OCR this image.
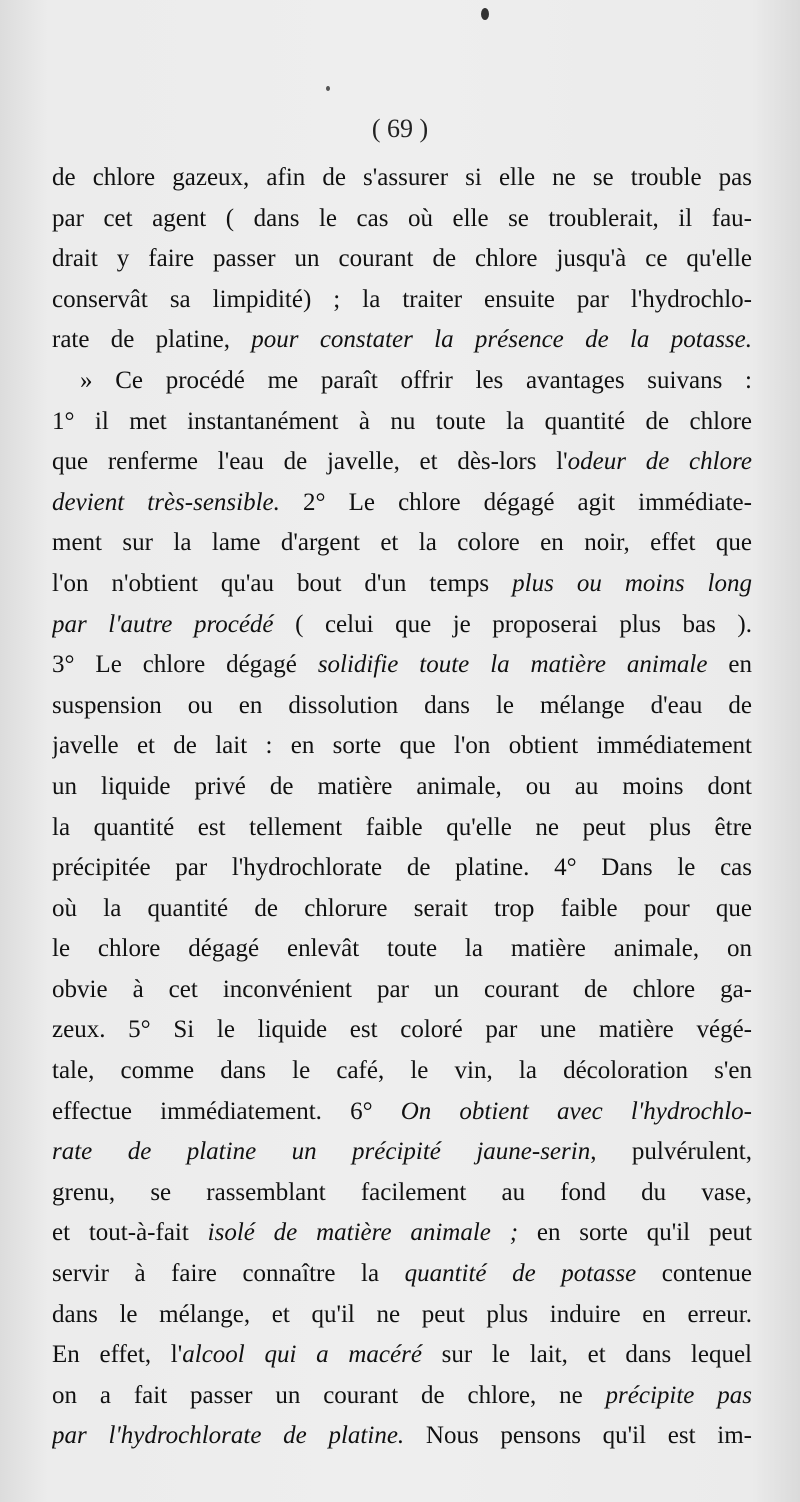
( 69 )
de chlore gazeux, afin de s'assurer si elle ne se trouble pas
par cet agent ( dans le cas où elle se troublerait, il fau-
drait y faire passer un courant de chlore jusqu'à ce qu'elle
conservât sa limpidité) ; la traiter ensuite par l'hydrochlo-
rate de platine, pour constater la présence de la potasse.
» Ce procédé me paraît offrir les avantages suivans :
1° il met instantanément à nu toute la quantité de chlore
que renferme l'eau de javelle, et dès-lors l'odeur de chlore
devient très-sensible. 2° Le chlore dégagé agit immédiate-
ment sur la lame d'argent et la colore en noir, effet que
l'on n'obtient qu'au bout d'un temps plus ou moins long
par l'autre procédé ( celui que je proposerai plus bas ).
3° Le chlore dégagé solidifie toute la matière animale en
suspension ou en dissolution dans le mélange d'eau de
javelle et de lait : en sorte que l'on obtient immédiatement
un liquide privé de matière animale, ou au moins dont
la quantité est tellement faible qu'elle ne peut plus être
précipitée par l'hydrochlorate de platine. 4° Dans le cas
où la quantité de chlorure serait trop faible pour que
le chlore dégagé enlevât toute la matière animale, on
obvie à cet inconvénient par un courant de chlore ga-
zeux. 5° Si le liquide est coloré par une matière végé-
tale, comme dans le café, le vin, la décoloration s'en
effectue immédiatement. 6° On obtient avec l'hydrochlo-
rate de platine un précipité jaune-serin, pulvérulent,
grenu, se rassemblant facilement au fond du vase,
et tout-à-fait isolé de matière animale ; en sorte qu'il peut
servir à faire connaître la quantité de potasse contenue
dans le mélange, et qu'il ne peut plus induire en erreur.
En effet, l'alcool qui a macéré sur le lait, et dans lequel
on a fait passer un courant de chlore, ne précipite pas
par l'hydrochlorate de platine. Nous pensons qu'il est im-
